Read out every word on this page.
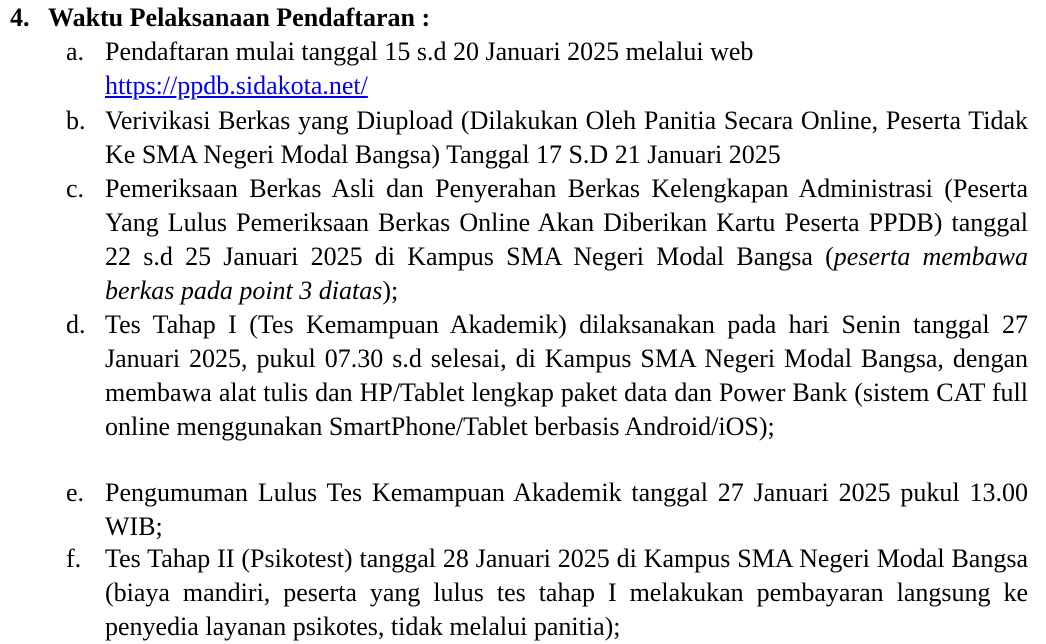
4. Waktu Pelaksanaan Pendaftaran :
a. Pendaftaran mulai tanggal 15 s.d 20 Januari 2025 melalui web
https://ppdb.sidakota.net/
b. Verivikasi Berkas yang Diupload (Dilakukan Oleh Panitia Secara Online, Peserta Tidak Ke SMA Negeri Modal Bangsa) Tanggal 17 S.D 21 Januari 2025
c. Pemeriksaan Berkas Asli dan Penyerahan Berkas Kelengkapan Administrasi (Peserta Yang Lulus Pemeriksaan Berkas Online Akan Diberikan Kartu Peserta PPDB) tanggal 22 s.d 25 Januari 2025 di Kampus SMA Negeri Modal Bangsa (peserta membawa berkas pada point 3 diatas);
d. Tes Tahap I (Tes Kemampuan Akademik) dilaksanakan pada hari Senin tanggal 27 Januari 2025, pukul 07.30 s.d selesai, di Kampus SMA Negeri Modal Bangsa, dengan membawa alat tulis dan HP/Tablet lengkap paket data dan Power Bank (sistem CAT full online menggunakan SmartPhone/Tablet berbasis Android/iOS);
e. Pengumuman Lulus Tes Kemampuan Akademik tanggal 27 Januari 2025 pukul 13.00 WIB;
f. Tes Tahap II (Psikotest) tanggal 28 Januari 2025 di Kampus SMA Negeri Modal Bangsa (biaya mandiri, peserta yang lulus tes tahap I melakukan pembayaran langsung ke penyedia layanan psikotes, tidak melalui panitia);
